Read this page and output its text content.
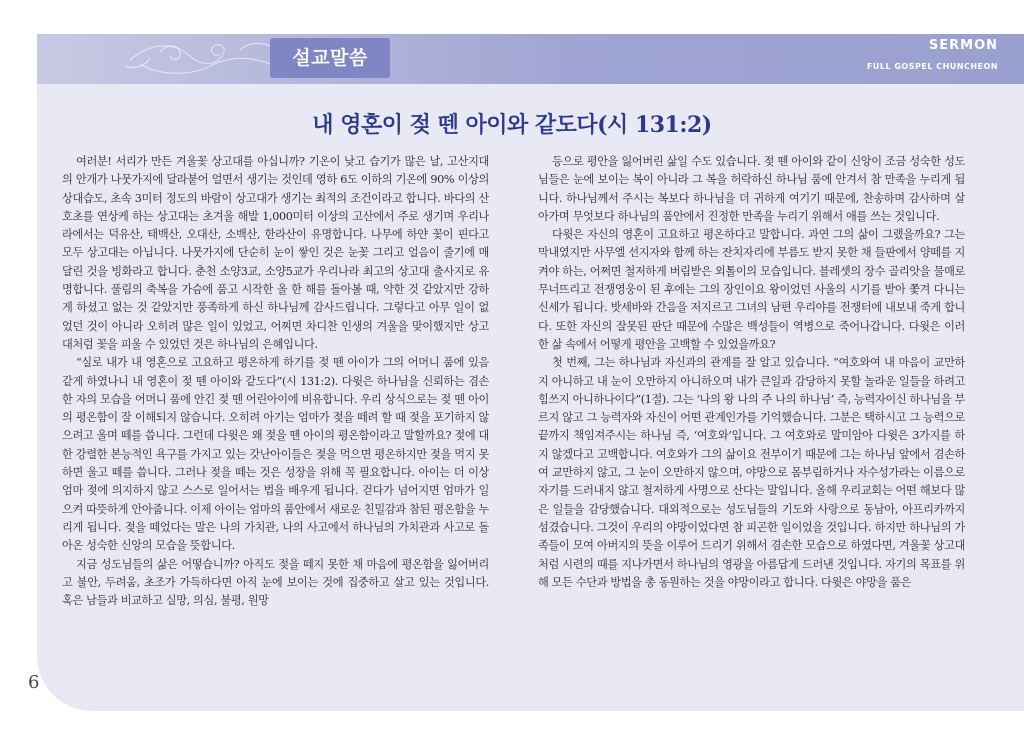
설교말씀
SERMON
FULL GOSPEL CHUNCHEON
내 영혼이 젖 뗀 아이와 같도다(시 131:2)

여러분! 서리가 만든 겨울꽃 상고대를 아십니까? 기온이 낮고 습기가 많은 날, 고산지대의 안개가 나뭇가지에 달라붙어 얼면서 생기는 것인데 영하 6도 이하의 기온에 90% 이상의 상대습도, 초속 3미터 정도의 바람이 상고대가 생기는 최적의 조건이라고 합니다. 바다의 산호초를 연상케 하는 상고대는 초겨울 해발 1,000미터 이상의 고산에서 주로 생기며 우리나라에서는 덕유산, 태백산, 오대산, 소백산, 한라산이 유명합니다. 나무에 하얀 꽃이 핀다고 모두 상고대는 아닙니다. 나뭇가지에 단순히 눈이 쌓인 것은 눈꽃 그리고 얼음이 줄기에 매달린 것을 빙화라고 합니다. 춘천 소양3교, 소양5교가 우리나라 최고의 상고대 출사지로 유명합니다. 풀림의 축복을 가슴에 품고 시작한 올 한 해를 돌아볼 때, 약한 것 같았지만 강하게 하셨고 없는 것 같았지만 풍족하게 하신 하나님께 감사드립니다. 그렇다고 아무 일이 없었던 것이 아니라 오히려 많은 일이 있었고, 어찌면 차디찬 인생의 겨울을 맞이했지만 상고대처럼 꽃을 피울 수 있었던 것은 하나님의 은혜입니다.

“실로 내가 내 영혼으로 고요하고 평온하게 하기를 젖 뗀 아이가 그의 어머니 품에 있음 같게 하였나니 내 영혼이 젖 뗀 아이와 같도다”(시 131:2). 다윗은 하나님을 신뢰하는 겸손한 자의 모습을 어머니 품에 안긴 젖 뗀 어린아이에 비유합니다. 우리 상식으로는 젖 뗀 아이의 평온함이 잘 이해되지 않습니다. 오히려 아기는 엄마가 젖을 떼려 할 때 젖을 포기하지 않으려고 울며 떼를 씁니다. 그런데 다윗은 왜 젖을 뗀 아이의 평온함이라고 말할까요? 젖에 대한 강렬한 본능적인 욕구를 가지고 있는 갓난아이들은 젖을 먹으면 평온하지만 젖을 먹지 못하면 울고 떼를 씁니다. 그러나 젖을 떼는 것은 성장을 위해 꼭 필요합니다. 아이는 더 이상 엄마 젖에 의지하지 않고 스스로 일어서는 법을 배우게 됩니다. 걷다가 넘어지면 엄마가 일으켜 따뜻하게 안아줍니다. 이제 아이는 엄마의 품안에서 새로운 친밀감과 참된 평온함을 누리게 됩니다. 젖을 떼었다는 말은 나의 가치관, 나의 사고에서 하나님의 가치관과 사고로 돌아온 성숙한 신앙의 모습을 뜻합니다.

지금 성도님들의 삶은 어떻습니까? 아직도 젖을 떼지 못한 채 마음에 평온함을 잃어버리고 불안, 두려움, 초조가 가득하다면 아직 눈에 보이는 것에 집중하고 살고 있는 것입니다. 혹은 남들과 비교하고 실망, 의심, 불평, 원망

등으로 평안을 잃어버린 삶일 수도 있습니다. 젖 뗀 아이와 같이 신앙이 조금 성숙한 성도님들은 눈에 보이는 복이 아니라 그 복을 허락하신 하나님 품에 안겨서 참 만족을 누리게 됩니다. 하나님께서 주시는 복보다 하나님을 더 귀하게 여기기 때문에, 찬송하며 감사하며 살아가며 무엇보다 하나님의 품안에서 진정한 만족을 누리기 위해서 애를 쓰는 것입니다.

다윗은 자신의 영혼이 고요하고 평온하다고 말합니다. 과연 그의 삶이 그랬을까요? 그는 막내였지만 사무엘 선지자와 함께 하는 잔치자리에 부름도 받지 못한 채 들판에서 양떼를 지켜야 하는, 어쩌면 철저하게 버림받은 외톨이의 모습입니다. 블레셋의 장수 골리앗을 물매로 무너뜨리고 전쟁영웅이 된 후에는 그의 장인이요 왕이었던 사울의 시기를 받아 쫓겨 다니는 신세가 됩니다. 밧세바와 간음을 저지르고 그녀의 남편 우리야를 전쟁터에 내보내 죽게 합니다. 또한 자신의 잘못된 판단 때문에 수많은 백성들이 역병으로 죽어나갑니다. 다윗은 이러한 삶 속에서 어떻게 평안을 고백할 수 있었을까요?

첫 번째, 그는 하나님과 자신과의 관계를 잘 알고 있습니다. “여호와여 내 마음이 교만하지 아니하고 내 눈이 오만하지 아니하오며 내가 큰일과 감당하지 못할 놀라운 일들을 하려고 힘쓰지 아니하나이다”(1절). 그는 ‘나의 왕 나의 주 나의 하나님’ 즉, 능력자이신 하나님을 부르지 않고 그 능력자와 자신이 어떤 관계인가를 기억했습니다. 그분은 택하시고 그 능력으로 끝까지 책임져주시는 하나님 즉, ‘여호와’입니다. 그 여호와로 말미암아 다윗은 3가지를 하지 않겠다고 고백합니다. 여호와가 그의 삶이요 전부이기 때문에 그는 하나님 앞에서 겸손하여 교만하지 않고, 그 눈이 오만하지 않으며, 야망으로 몸부림하거나 자수성가라는 이름으로 자기를 드러내지 않고 철저하게 사명으로 산다는 말입니다. 올해 우리교회는 어떤 해보다 많은 일들을 감당했습니다. 대외적으로는 성도님들의 기도와 사랑으로 동남아, 아프리카까지 섬겼습니다. 그것이 우리의 야망이었다면 참 피곤한 일이었을 것입니다. 하지만 하나님의 가족들이 모여 아버지의 뜻을 이루어 드리기 위해서 겸손한 모습으로 하였다면, 겨울꽃 상고대처럼 시련의 때를 지나가면서 하나님의 영광을 아름답게 드러낸 것입니다. 자기의 목표를 위해 모든 수단과 방법을 총 동원하는 것을 야망이라고 합니다. 다윗은 야망을 품은

6
